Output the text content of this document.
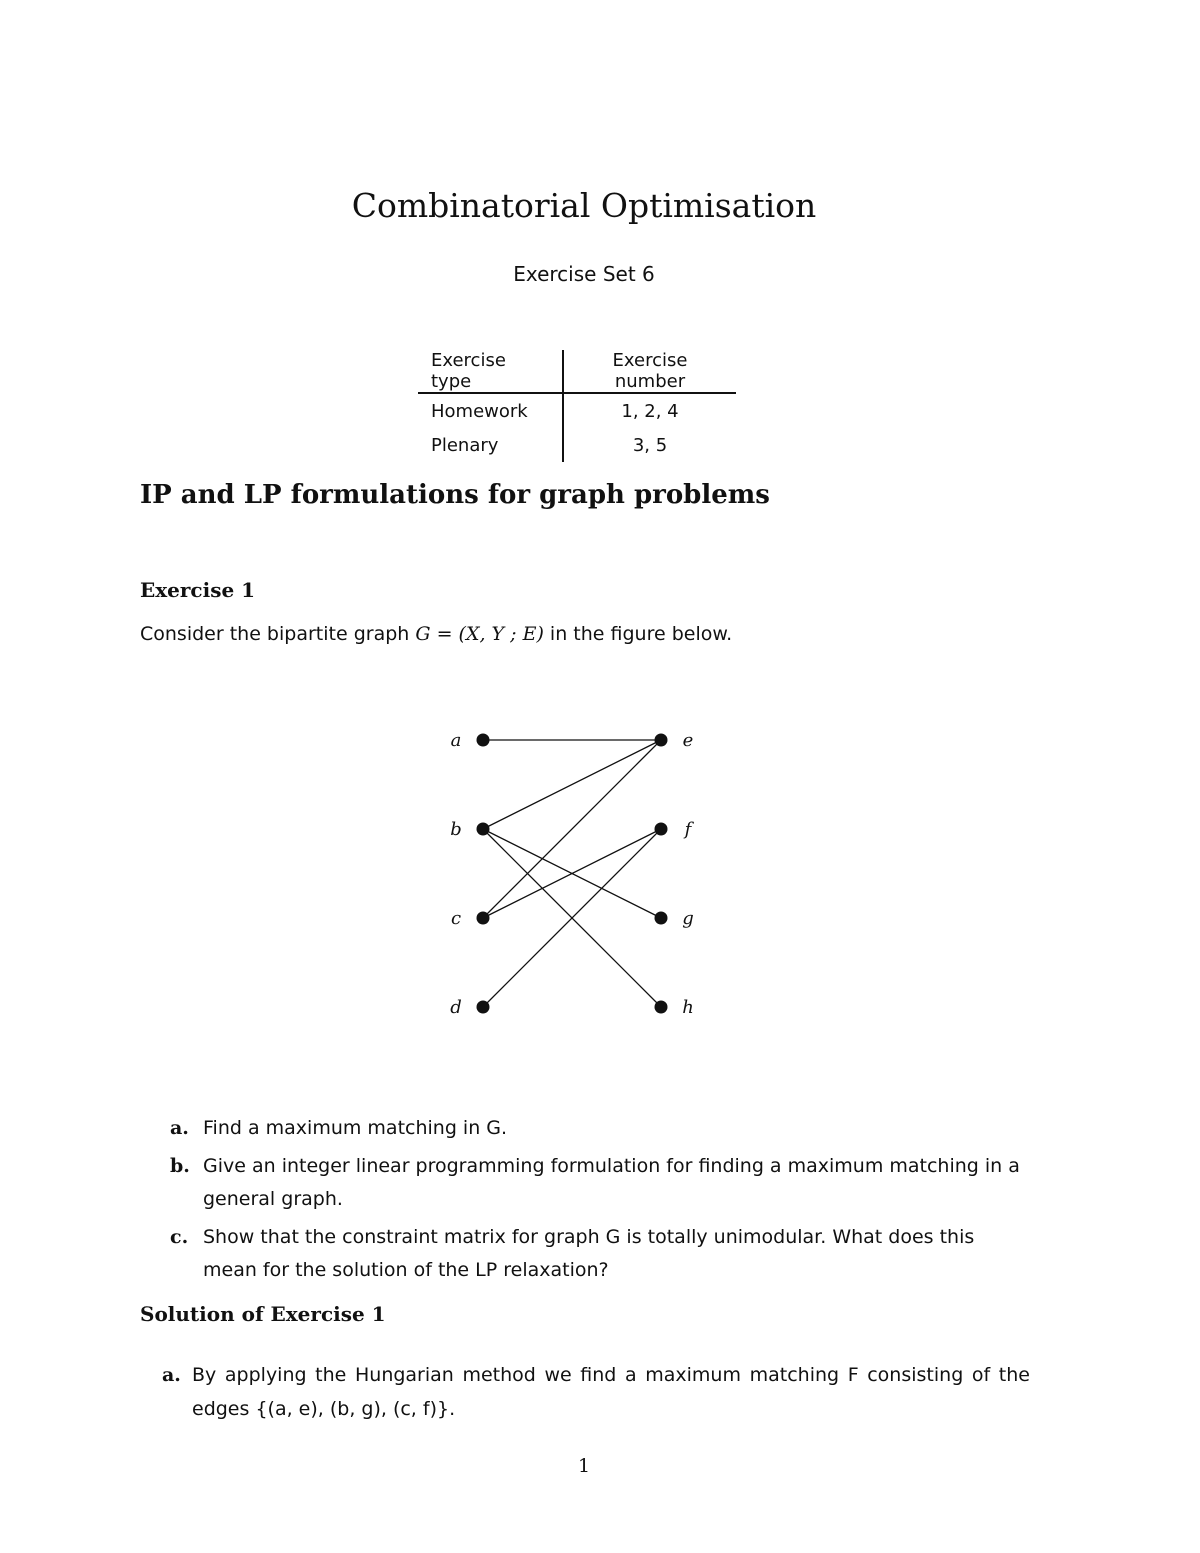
Combinatorial Optimisation
Exercise Set 6
Exercise type	Exercise number
Homework	1, 2, 4
Plenary	3, 5
IP and LP formulations for graph problems
Exercise 1
Consider the bipartite graph G = (X, Y ; E) in the figure below.
a
b
c
d
e
f
g
h
a. Find a maximum matching in G.
b. Give an integer linear programming formulation for finding a maximum matching in a general graph.
c. Show that the constraint matrix for graph G is totally unimodular. What does this mean for the solution of the LP relaxation?
Solution of Exercise 1
a. By applying the Hungarian method we find a maximum matching F consisting of the edges {(a, e), (b, g), (c, f)}.
1
